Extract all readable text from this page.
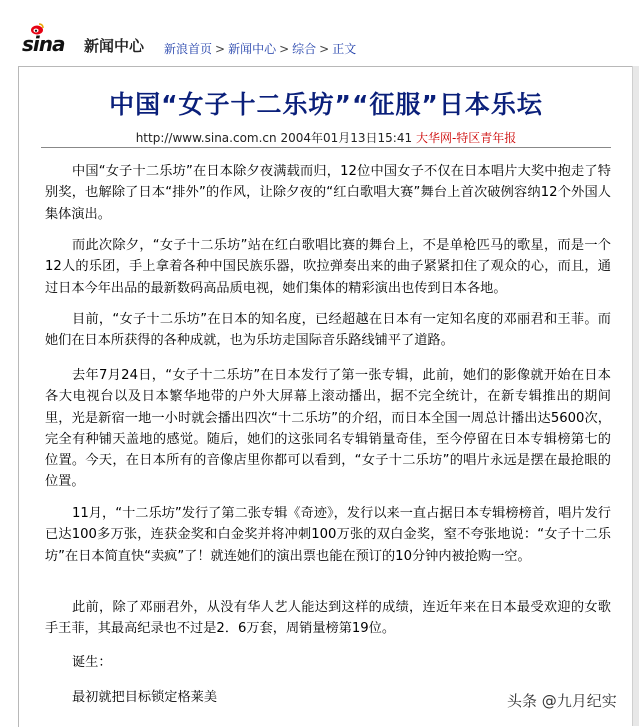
sina 新闻中心 新浪首页 > 新闻中心 > 综合 > 正文
中国“女子十二乐坊”“征服”日本乐坛
http://www.sina.com.cn 2004年01月13日15:41 大华网-特区青年报

中国“女子十二乐坊”在日本除夕夜满载而归，12位中国女子不仅在日本唱片大奖中抱走了特别奖，也解除了日本“排外”的作风，让除夕夜的“红白歌唱大赛”舞台上首次破例容纳12个外国人集体演出。

而此次除夕，“女子十二乐坊”站在红白歌唱比赛的舞台上，不是单枪匹马的歌星，而是一个12人的乐团，手上拿着各种中国民族乐器，吹拉弹奏出来的曲子紧紧扣住了观众的心，而且，通过日本今年出品的最新数码高品质电视，她们集体的精彩演出也传到日本各地。

目前，“女子十二乐坊”在日本的知名度，已经超越在日本有一定知名度的邓丽君和王菲。而她们在日本所获得的各种成就，也为乐坊走国际音乐路线铺平了道路。

去年7月24日，“女子十二乐坊”在日本发行了第一张专辑，此前，她们的影像就开始在日本各大电视台以及日本繁华地带的户外大屏幕上滚动播出，据不完全统计，在新专辑推出的期间里，光是新宿一地一小时就会播出四次“十二乐坊”的介绍，而日本全国一周总计播出达5600次，完全有种铺天盖地的感觉。随后，她们的这张同名专辑销量奇佳，至今停留在日本专辑榜第七的位置。今天，在日本所有的音像店里你都可以看到，“女子十二乐坊”的唱片永远是摆在最抢眼的位置。

11月，“十二乐坊”发行了第二张专辑《奇迹》，发行以来一直占据日本专辑榜榜首，唱片发行已达100多万张，连获金奖和白金奖并将冲刺100万张的双白金奖，窒不夸张地说：“女子十二乐坊”在日本简直快“卖疯”了！就连她们的演出票也能在预订的10分钟内被抢购一空。

此前，除了邓丽君外，从没有华人艺人能达到这样的成绩，连近年来在日本最受欢迎的女歌手王菲，其最高纪录也不过是2．6万套，周销量榜第19位。

诞生：

最初就把目标锁定格莱美	头条 @九月纪实
